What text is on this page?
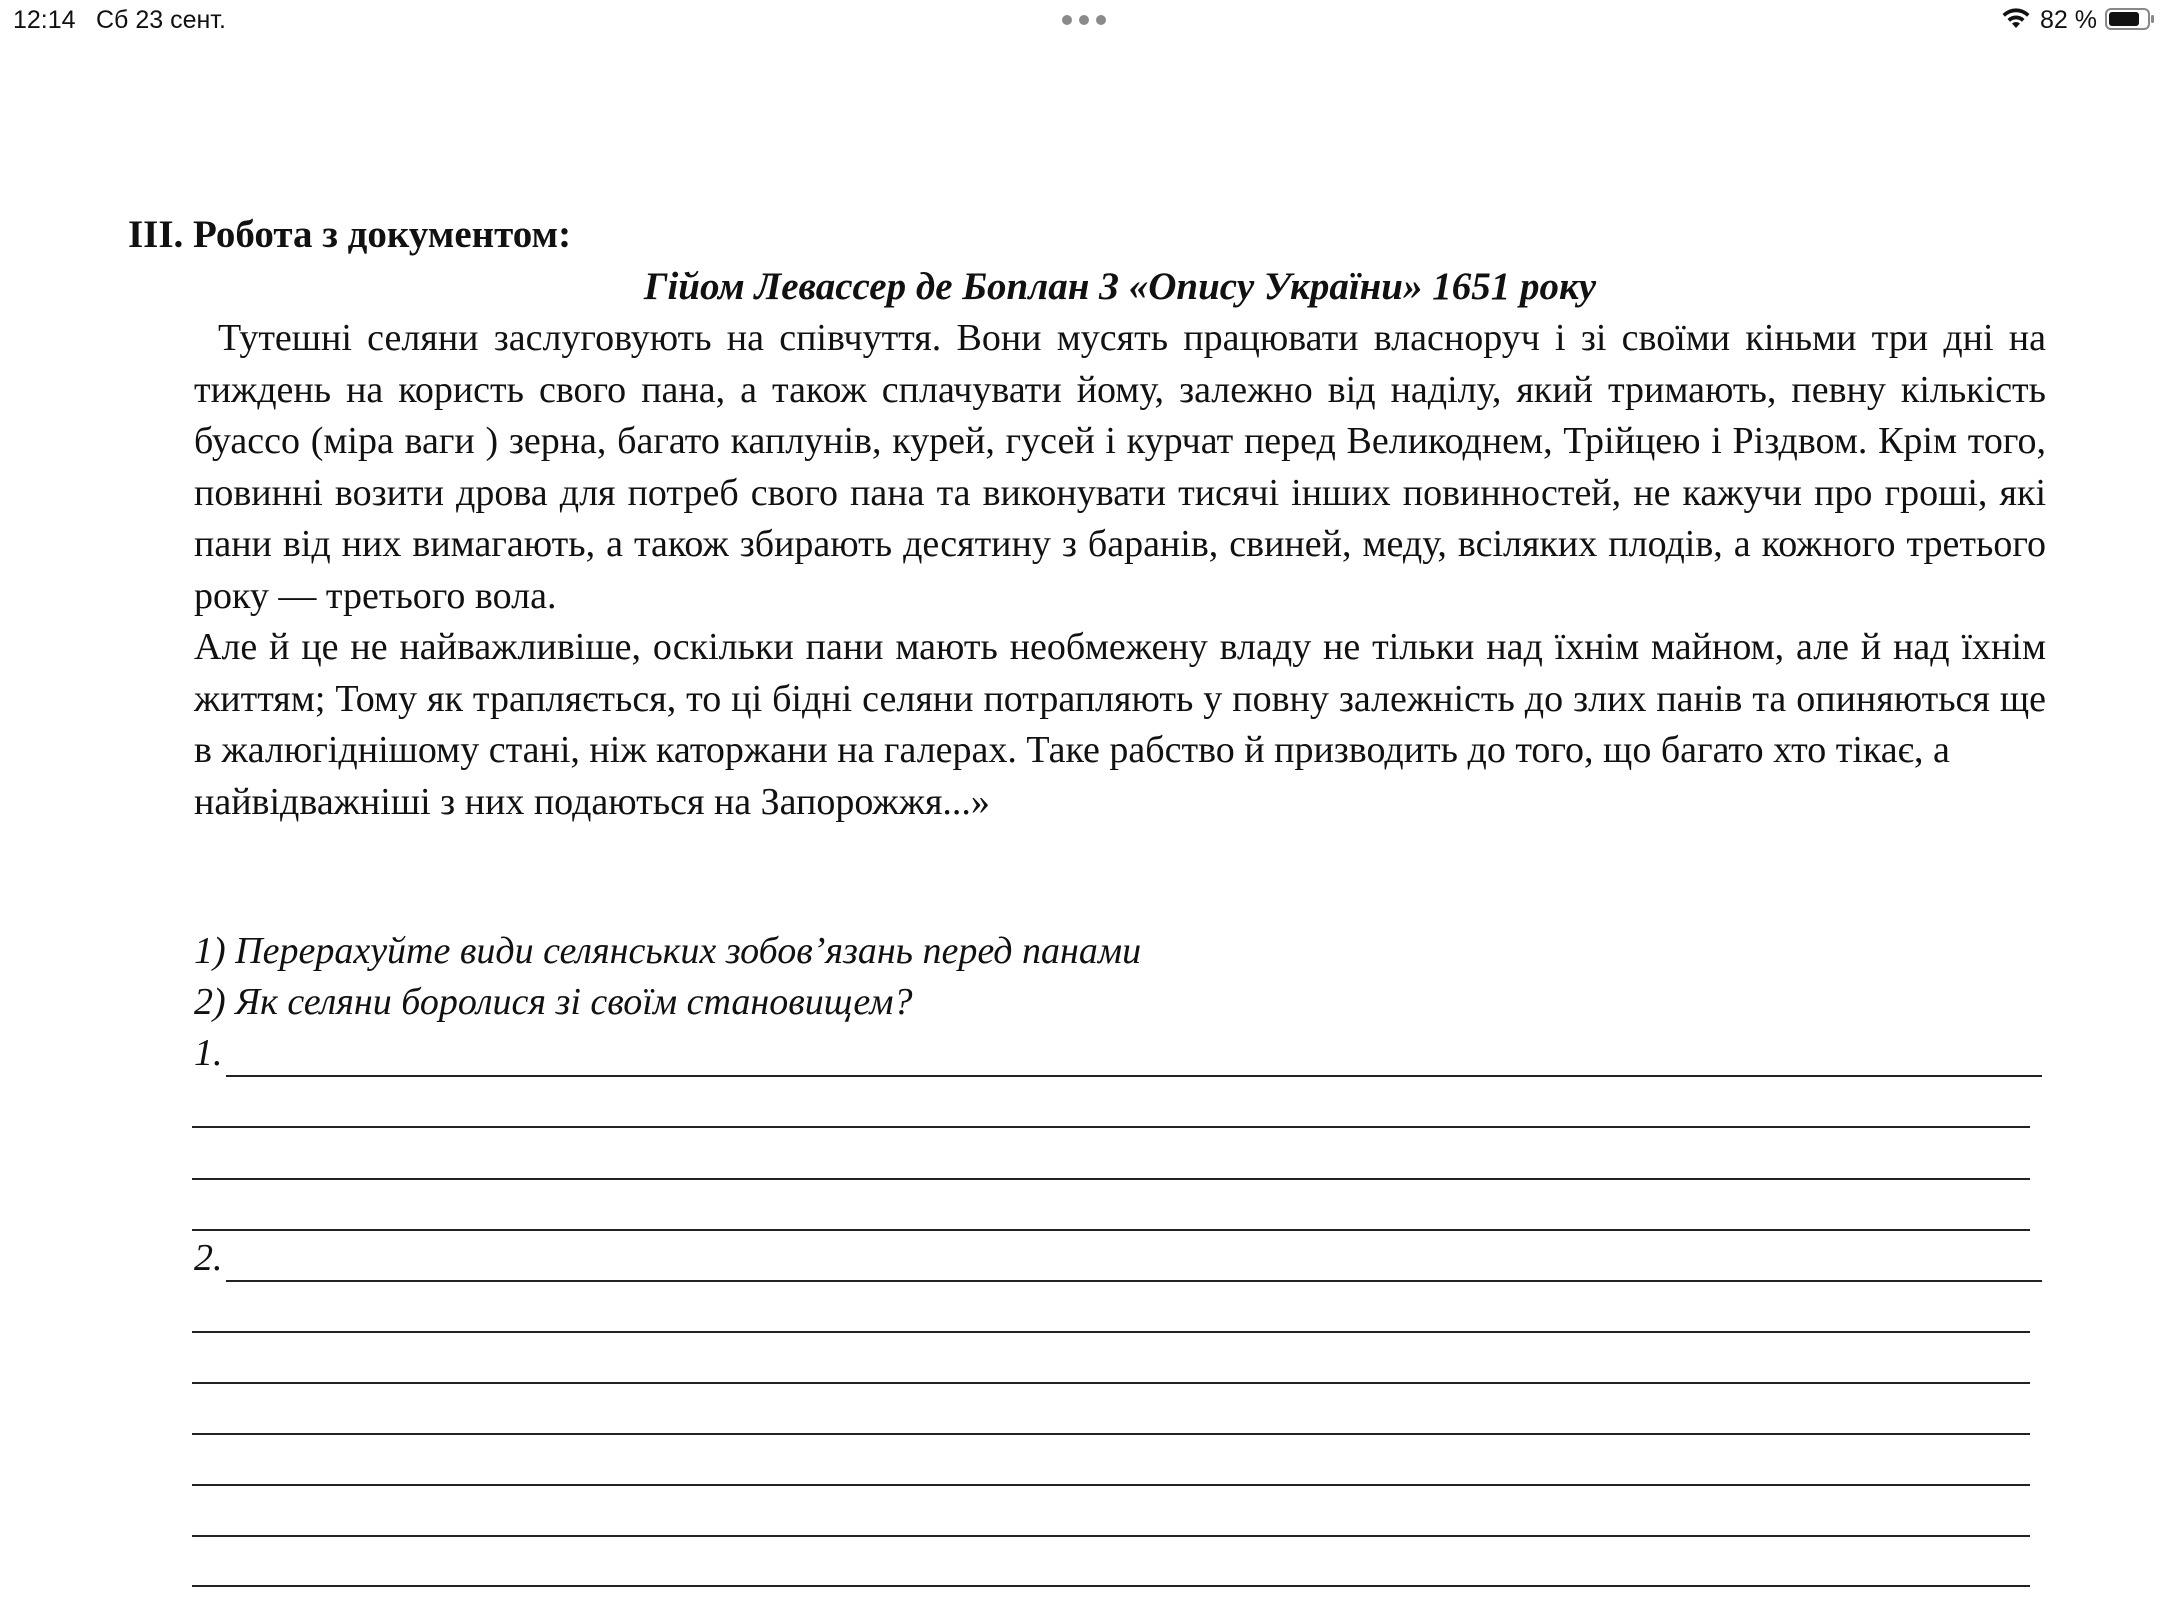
12:14 Сб 23 сент.	82 %
ІІІ. Робота з документом:
Гійом Левассер де Боплан З «Опису України» 1651 року

Тутешні селяни заслуговують на співчуття. Вони мусять працювати власноруч і зі своїми кіньми три дні на тиждень на користь свого пана, а також сплачувати йому, залежно від наділу, який тримають, певну кількість буассо (міра ваги ) зерна, багато каплунів, курей, гусей і курчат перед Великоднем, Трійцею і Різдвом. Крім того, повинні возити дрова для потреб свого пана та виконувати тисячі інших повинностей, не кажучи про гроші, які пани від них вимагають, а також збирають десятину з баранів, свиней, меду, всіляких плодів, а кожного третього року — третього вола.

Але й це не найважливіше, оскільки пани мають необмежену владу не тільки над їхнім майном, але й над їхнім життям; Тому як трапляється, то ці бідні селяни потрапляють у повну залежність до злих панів та опиняються ще в жалюгіднішому стані, ніж каторжани на галерах. Таке рабство й призводить до того, що багато хто тікає, а

найвідважніші з них подаються на Запорожжя...»

1) Перерахуйте види селянських зобов’язань перед панами
2) Як селяни боролися зі своїм становищем?
1.
2.
